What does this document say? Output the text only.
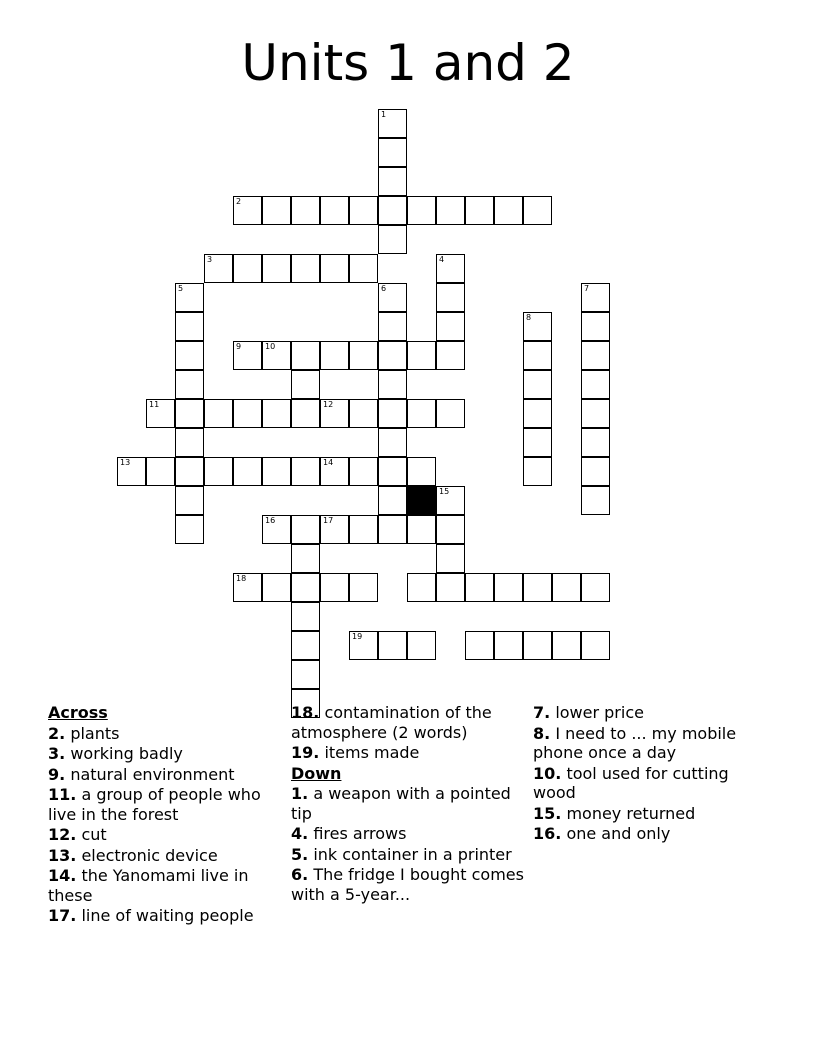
Units 1 and 2
1
2
3	4
5	6	7
8
10
11	12
13	14
15
17
18
19
9
16
Across
2. plants
3. working badly
9. natural environment
11. a group of people who live in the forest
12. cut
13. electronic device
14. the Yanomami live in these
17. line of waiting people
18. contamination of the atmosphere (2 words)
19. items made
Down
1. a weapon with a pointed tip
4. fires arrows
5. ink container in a printer
6. The fridge I bought comes with a 5-year...
7. lower price
8. I need to ... my mobile phone once a day
10. tool used for cutting wood
15. money returned
16. one and only
